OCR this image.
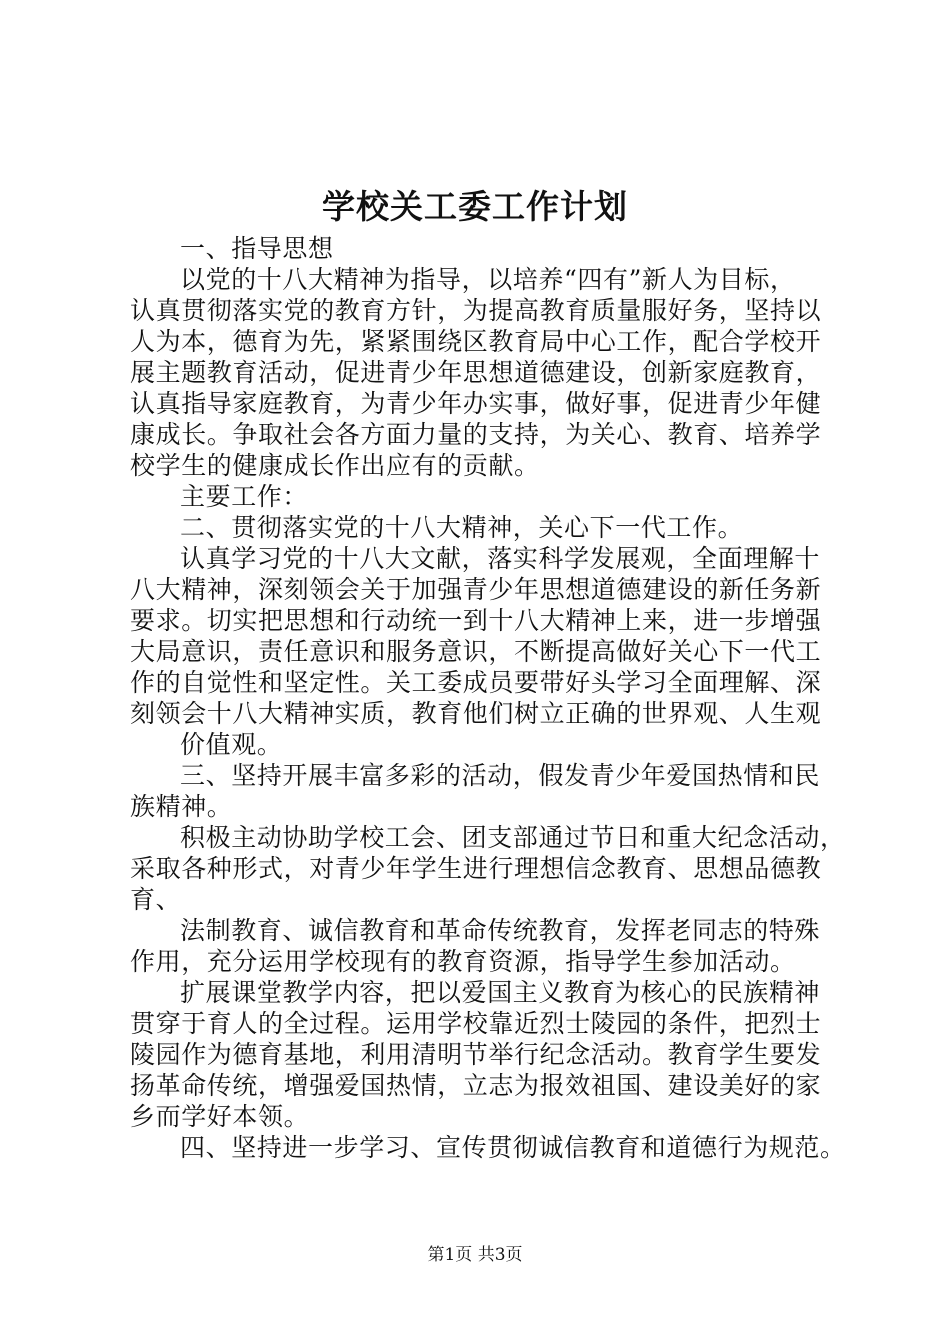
学校关工委工作计划
一、指导思想
以党的十八大精神为指导，以培养“四有”新人为目标，
认真贯彻落实党的教育方针，为提高教育质量服好务，坚持以
人为本，德育为先，紧紧围绕区教育局中心工作，配合学校开
展主题教育活动，促进青少年思想道德建设，创新家庭教育，
认真指导家庭教育，为青少年办实事，做好事，促进青少年健
康成长。争取社会各方面力量的支持，为关心、教育、培养学
校学生的健康成长作出应有的贡献。
主要工作：
二、贯彻落实党的十八大精神，关心下一代工作。
认真学习党的十八大文献，落实科学发展观，全面理解十
八大精神，深刻领会关于加强青少年思想道德建设的新任务新
要求。切实把思想和行动统一到十八大精神上来，进一步增强
大局意识，责任意识和服务意识，不断提高做好关心下一代工
作的自觉性和坚定性。关工委成员要带好头学习全面理解、深
刻领会十八大精神实质，教育他们树立正确的世界观、人生观
价值观。
三、坚持开展丰富多彩的活动，假发青少年爱国热情和民
族精神。
积极主动协助学校工会、团支部通过节日和重大纪念活动，
采取各种形式，对青少年学生进行理想信念教育、思想品德教
育、
法制教育、诚信教育和革命传统教育，发挥老同志的特殊
作用，充分运用学校现有的教育资源，指导学生参加活动。
扩展课堂教学内容，把以爱国主义教育为核心的民族精神
贯穿于育人的全过程。运用学校靠近烈士陵园的条件，把烈士
陵园作为德育基地，利用清明节举行纪念活动。教育学生要发
扬革命传统，增强爱国热情，立志为报效祖国、建设美好的家
乡而学好本领。
四、坚持进一步学习、宣传贯彻诚信教育和道德行为规范。
第1页 共3页
